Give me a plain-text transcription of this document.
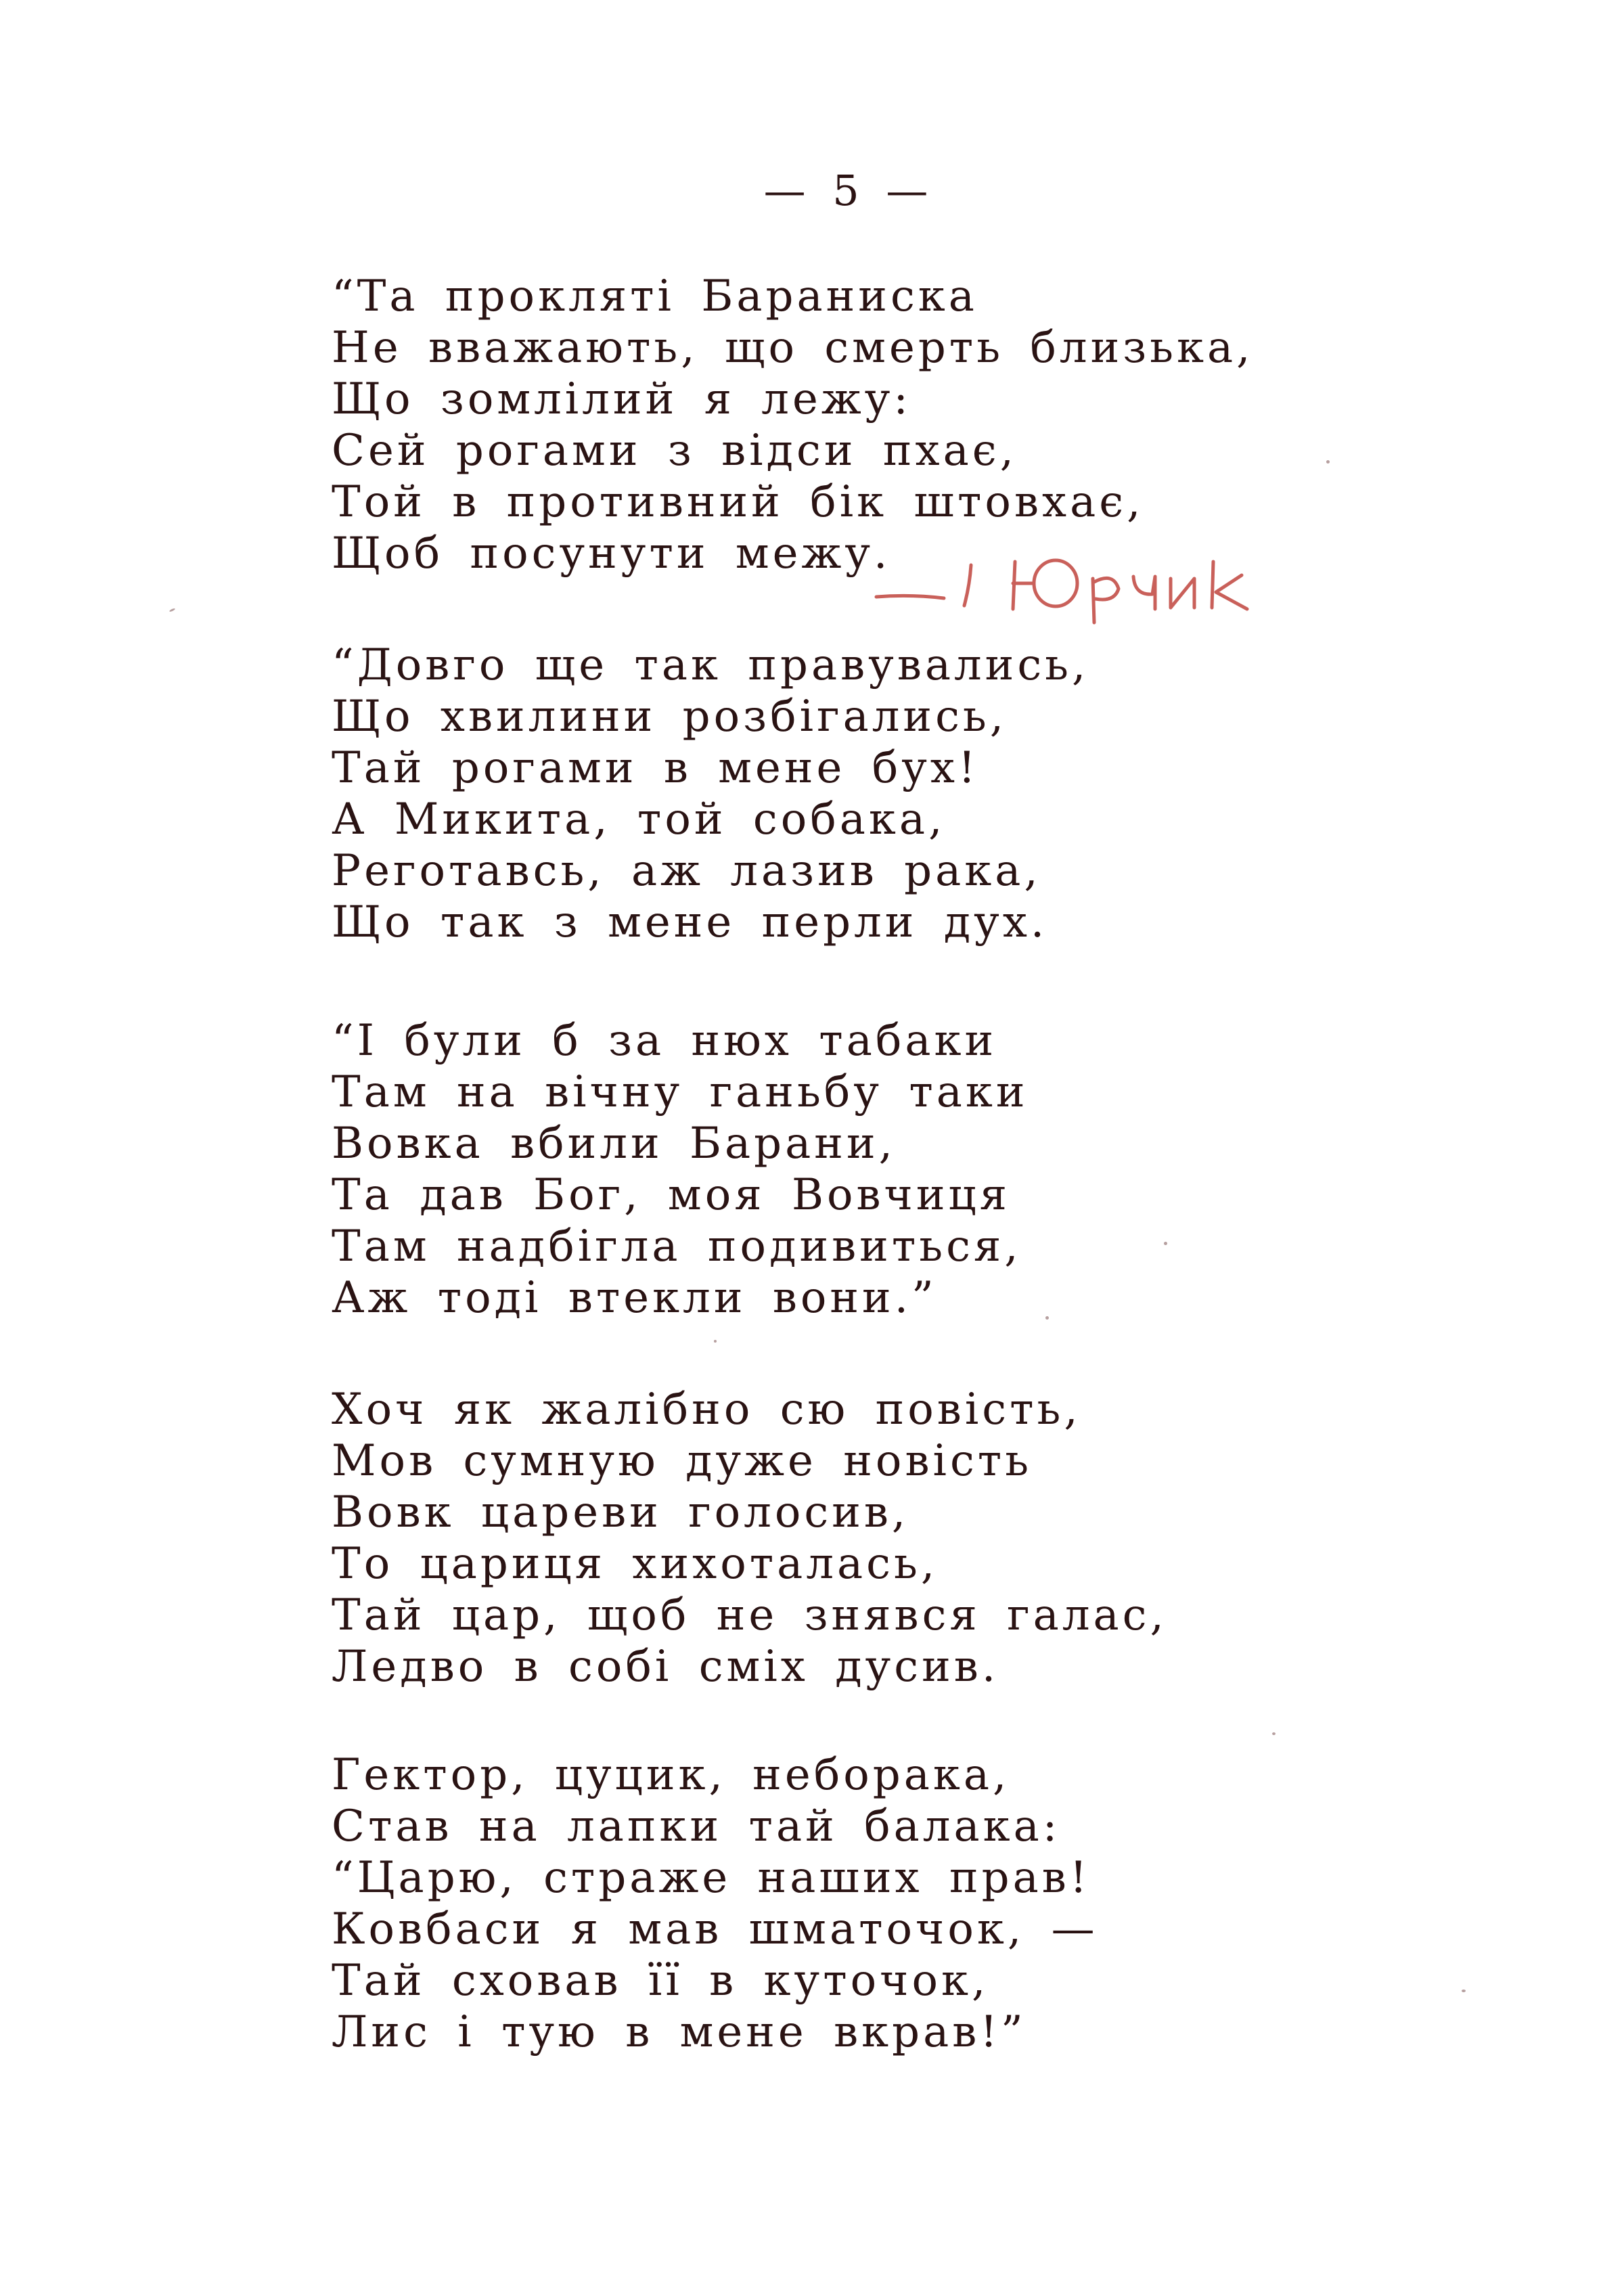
— 5 —
“Та прокляті Бараниска
Не вважають, що смерть близька,
Що зомлілий я лежу:
Сей рогами з відси пхає,
Той в противний бік штовхає,
Щоб посунути межу.
“Довго ще так правувались,
Що хвилини розбігались,
Тай рогами в мене бух!
А Микита, той собака,
Реготавсь, аж лазив рака,
Що так з мене перли дух.
“І були б за нюх табаки
Там на вічну ганьбу таки
Вовка вбили Барани,
Та дав Бог, моя Вовчиця
Там надбігла подивиться,
Аж тоді втекли вони.”
Хоч як жалібно сю повість,
Мов сумную дуже новість
Вовк цареви голосив,
То цариця хихоталась,
Тай цар, щоб не знявся галас,
Ледво в собі сміх дусив.
Гектор, цуцик, неборака,
Став на лапки тай балака:
“Царю, страже наших прав!
Ковбаси я мав шматочок, —
Тай сховав її в куточок,
Лис і тую в мене вкрав!”
